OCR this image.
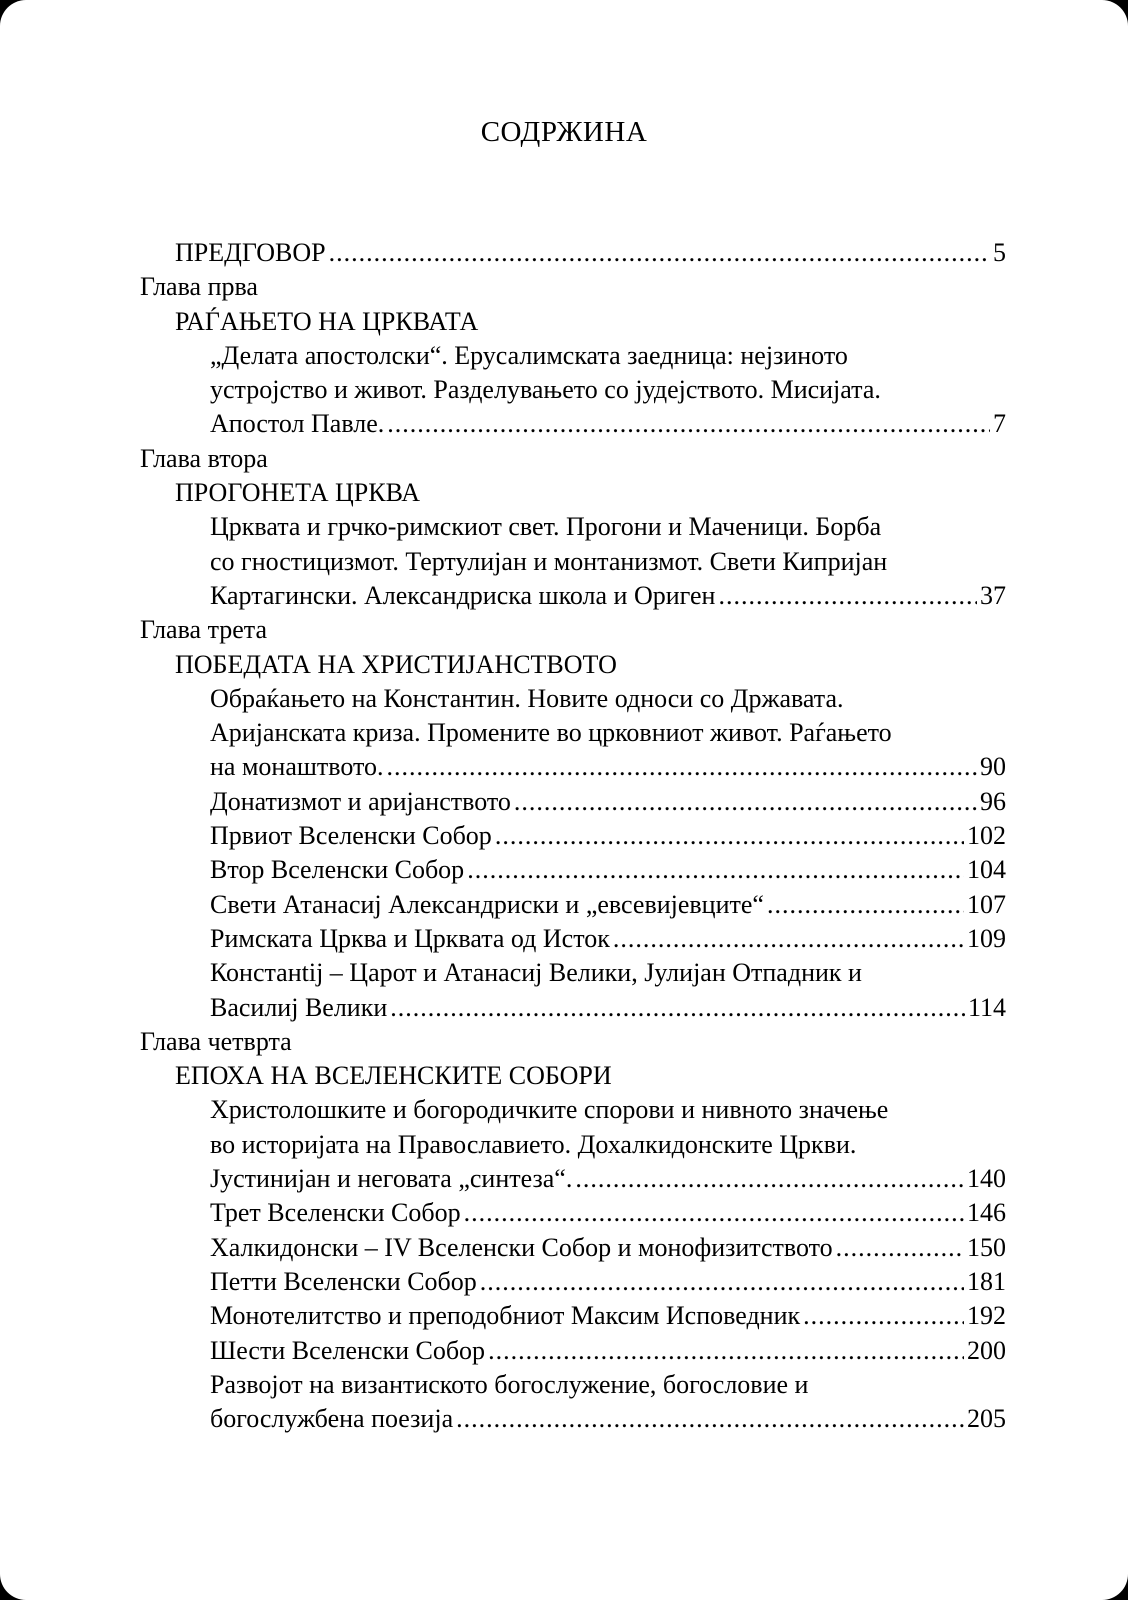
СОДРЖИНА
ПРЕДГОВОР .....	5
Глава прва
РАЃАЊЕТО НА ЦРКВАТА
„Делата апостолски“. Ерусалимската заедница: нејзиното
устројство и живот. Разделувањето со јудејството. Мисијата.
Апостол Павле. .....	7
Глава втора
ПРОГОНЕТА ЦРКВА
Црквата и грчко-римскиот свет. Прогони и Маченици. Борба
со гностицизмот. Тертулијан и монтанизмот. Свети Кипријан
Картагински. Александриска школа и Ориген .....	37
Глава трета
ПОБЕДАТА НА ХРИСТИЈАНСТВОТО
Обраќањето на Константин. Новите односи со Државата.
Аријанската криза. Промените во црковниот живот. Раѓањето
на монаштвото. .....	90
Донатизмот и аријанството .....	96
Првиот Вселенски Собор .....	102
Втор Вселенски Собор .....	104
Свети Атанасиј Александриски и „евсевијевците“ .....	107
Римската Црква и Црквата од Исток .....	109
Констанtij – Царот и Атанасиј Велики, Јулијан Отпадник и
Василиј Велики .....	114
Глава четврта
ЕПОХА НА ВСЕЛЕНСКИТЕ СОБОРИ
Христолошките и богородичките спорови и нивното значење
во историјата на Православието. Дохалкидонските Цркви.
Јустинијан и неговата „синтеза“. .....	140
Трет Вселенски Собор .....	146
Халкидонски – IV Вселенски Собор и монофизитството .....	150
Петти Вселенски Собор .....	181
Монотелитство и преподобниот Максим Исповедник .....	192
Шести Вселенски Собор .....	200
Развојот на византиското богослужение, богословие и
богослужбена поезија .....	205
